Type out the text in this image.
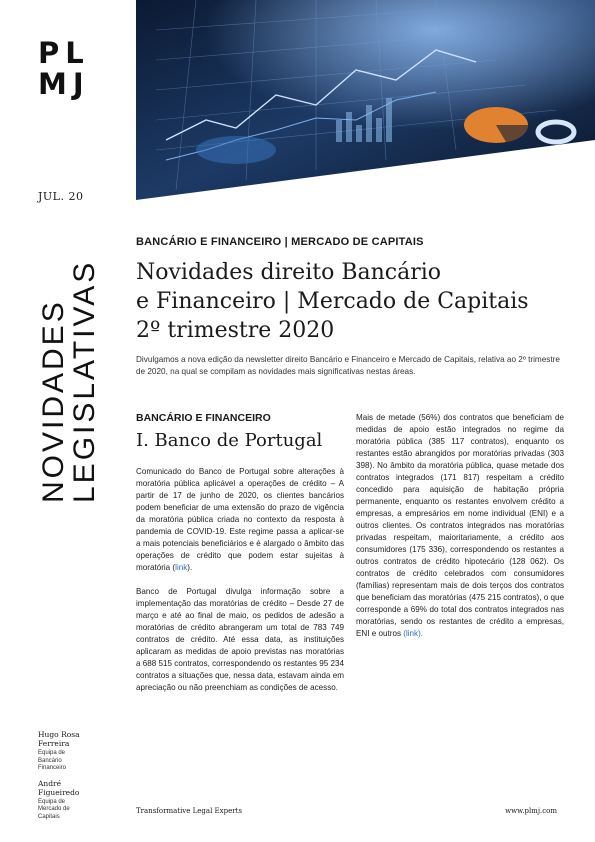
PL
MJ
JUL. 20
NOVIDADES
LEGISLATIVAS
BANCÁRIO E FINANCEIRO | MERCADO DE CAPITAIS
Novidades direito Bancário
e Financeiro | Mercado de Capitais
2º trimestre 2020

Divulgamos a nova edição da newsletter direito Bancário e Financeiro e Mercado de Capitais, relativa ao 2º trimestre de 2020, na qual se compilam as novidades mais significativas nestas áreas.

BANCÁRIO E FINANCEIRO
I. Banco de Portugal

Comunicado do Banco de Portugal sobre alterações à moratória pública aplicável a operações de crédito – A partir de 17 de junho de 2020, os clientes bancários podem beneficiar de uma extensão do prazo de vigência da moratória pública criada no contexto da resposta à pandemia de COVID-19. Este regime passa a aplicar-se a mais potenciais beneficiários e é alargado o âmbito das operações de crédito que podem estar sujeitas à moratória (link).

Banco de Portugal divulga informação sobre a implementação das moratórias de crédito – Desde 27 de março e até ao final de maio, os pedidos de adesão a moratórias de crédito abrangeram um total de 783 749 contratos de crédito. Até essa data, as instituições aplicaram as medidas de apoio previstas nas moratórias a 688 515 contratos, correspondendo os restantes 95 234 contratos a situações que, nessa data, estavam ainda em apreciação ou não preenchiam as condições de acesso.

Mais de metade (56%) dos contratos que beneficiam de medidas de apoio estão integrados no regime da moratória pública (385 117 contratos), enquanto os restantes estão abrangidos por moratórias privadas (303 398). No âmbito da moratória pública, quase metade dos contratos integrados (171 817) respeitam a crédito concedido para aquisição de habitação própria permanente, enquanto os restantes envolvem crédito a empresas, a empresários em nome individual (ENI) e a outros clientes. Os contratos integrados nas moratórias privadas respeitam, maioritariamente, a crédito aos consumidores (175 336), correspondendo os restantes a outros contratos de crédito hipotecário (128 062). Os contratos de crédito celebrados com consumidores (famílias) representam mais de dois terços dos contratos que beneficiam das moratórias (475 215 contratos), o que corresponde a 69% do total dos contratos integrados nas moratórias, sendo os restantes de crédito a empresas, ENI e outros (link).

Hugo Rosa
Ferreira
Equipa de
Bancário
Financeiro
André
Figueiredo
Equipa de
Mercado de
Capitais
Transformative Legal Experts	www.plmj.com
